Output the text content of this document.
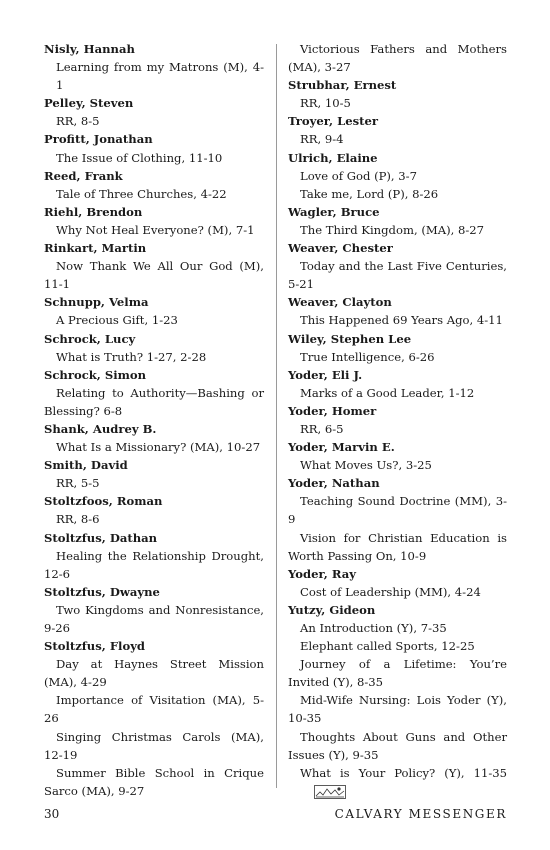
Nisly, Hannah
Learning from my Matrons (M), 4-1
Pelley, Steven
RR, 8-5
Profitt, Jonathan
The Issue of Clothing, 11-10
Reed, Frank
Tale of Three Churches, 4-22
Riehl, Brendon
Why Not Heal Everyone? (M), 7-1
Rinkart, Martin
Now Thank We All Our God (M), 11-1
Schnupp, Velma
A Precious Gift, 1-23
Schrock, Lucy
What is Truth? 1-27, 2-28
Schrock, Simon
Relating to Authority—Bashing or Blessing? 6-8
Shank, Audrey B.
What Is a Missionary? (MA), 10-27
Smith, David
RR, 5-5
Stoltzfoos, Roman
RR, 8-6
Stoltzfus, Dathan
Healing the Relationship Drought, 12-6
Stoltzfus, Dwayne
Two Kingdoms and Nonresistance, 9-26
Stoltzfus, Floyd
Day at Haynes Street Mission (MA), 4-29
Importance of Visitation (MA), 5-26
Singing Christmas Carols (MA), 12-19
Summer Bible School in Crique Sarco (MA), 9-27
Victorious Fathers and Mothers (MA), 3-27
Strubhar, Ernest
RR, 10-5
Troyer, Lester
RR, 9-4
Ulrich, Elaine
Love of God (P), 3-7
Take me, Lord (P), 8-26
Wagler, Bruce
The Third Kingdom, (MA), 8-27
Weaver, Chester
Today and the Last Five Centuries, 5-21
Weaver, Clayton
This Happened 69 Years Ago, 4-11
Wiley, Stephen Lee
True Intelligence, 6-26
Yoder, Eli J.
Marks of a Good Leader, 1-12
Yoder, Homer
RR, 6-5
Yoder, Marvin E.
What Moves Us?, 3-25
Yoder, Nathan
Teaching Sound Doctrine (MM), 3-9
Vision for Christian Education is Worth Passing On, 10-9
Yoder, Ray
Cost of Leadership (MM), 4-24
Yutzy, Gideon
An Introduction (Y), 7-35
Elephant called Sports, 12-25
Journey of a Lifetime: You’re Invited (Y), 8-35
Mid-Wife Nursing: Lois Yoder (Y), 10-35
Thoughts About Guns and Other Issues (Y), 9-35
What is Your Policy? (Y), 11-35
30	CALVARY MESSENGER
